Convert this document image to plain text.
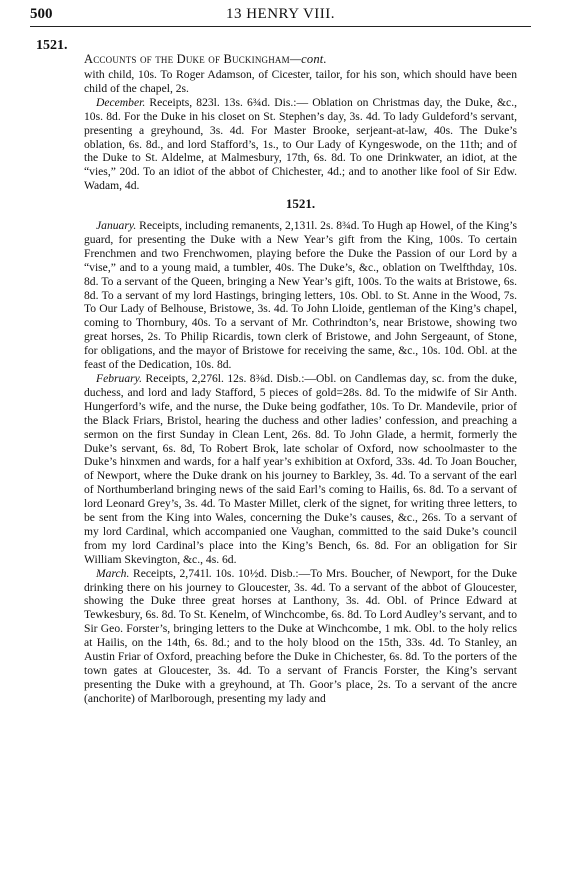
500	13 HENRY VIII.
1521.
Accounts of the Duke of Buckingham—cont.

with child, 10s. To Roger Adamson, of Cicester, tailor, for his son, which should have been child of the chapel, 2s.

December. Receipts, 823l. 13s. 6¾d. Dis.:— Oblation on Christmas day, the Duke, &c., 10s. 8d. For the Duke in his closet on St. Stephen’s day, 3s. 4d. To lady Guldeford’s servant, presenting a greyhound, 3s. 4d. For Master Brooke, serjeant-at-law, 40s. The Duke’s oblation, 6s. 8d., and lord Stafford’s, 1s., to Our Lady of Kyngeswode, on the 11th; and of the Duke to St. Aldelme, at Malmesbury, 17th, 6s. 8d. To one Drinkwater, an idiot, at the “vies,” 20d. To an idiot of the abbot of Chichester, 4d.; and to another like fool of Sir Edw. Wadam, 4d.

1521.

January. Receipts, including remanents, 2,131l. 2s. 8¾d. To Hugh ap Howel, of the King’s guard, for presenting the Duke with a New Year’s gift from the King, 100s. To certain Frenchmen and two Frenchwomen, playing before the Duke the Passion of our Lord by a “vise,” and to a young maid, a tumbler, 40s. The Duke’s, &c., oblation on Twelfthday, 10s. 8d. To a servant of the Queen, bringing a New Year’s gift, 100s. To the waits at Bristowe, 6s. 8d. To a servant of my lord Hastings, bringing letters, 10s. Obl. to St. Anne in the Wood, 7s. To Our Lady of Belhouse, Bristowe, 3s. 4d. To John Lloide, gentleman of the King’s chapel, coming to Thornbury, 40s. To a servant of Mr. Cothrindton’s, near Bristowe, showing two great horses, 2s. To Philip Ricardis, town clerk of Bristowe, and John Sergeaunt, of Stone, for obligations, and the mayor of Bristowe for receiving the same, &c., 10s. 10d. Obl. at the feast of the Dedication, 10s. 8d.

February. Receipts, 2,276l. 12s. 8⅜d. Disb.:—Obl. on Candlemas day, sc. from the duke, duchess, and lord and lady Stafford, 5 pieces of gold=28s. 8d. To the midwife of Sir Anth. Hungerford’s wife, and the nurse, the Duke being godfather, 10s. To Dr. Mandevile, prior of the Black Friars, Bristol, hearing the duchess and other ladies’ confession, and preaching a sermon on the first Sunday in Clean Lent, 26s. 8d. To John Glade, a hermit, formerly the Duke’s servant, 6s. 8d, To Robert Brok, late scholar of Oxford, now schoolmaster to the Duke’s hinxmen and wards, for a half year’s exhibition at Oxford, 33s. 4d. To Joan Boucher, of Newport, where the Duke drank on his journey to Barkley, 3s. 4d. To a servant of the earl of Northumberland bringing news of the said Earl’s coming to Hailis, 6s. 8d. To a servant of lord Leonard Grey’s, 3s. 4d. To Master Millet, clerk of the signet, for writing three letters, to be sent from the King into Wales, concerning the Duke’s causes, &c., 26s. To a servant of my lord Cardinal, which accompanied one Vaughan, committed to the said Duke’s council from my lord Cardinal’s place into the King’s Bench, 6s. 8d. For an obligation for Sir William Skevington, &c., 4s. 6d.

March. Receipts, 2,741l. 10s. 10½d. Disb.:—To Mrs. Boucher, of Newport, for the Duke drinking there on his journey to Gloucester, 3s. 4d. To a servant of the abbot of Gloucester, showing the Duke three great horses at Lanthony, 3s. 4d. Obl. of Prince Edward at Tewkesbury, 6s. 8d. To St. Kenelm, of Winchcombe, 6s. 8d. To Lord Audley’s servant, and to Sir Geo. Forster’s, bringing letters to the Duke at Winchcombe, 1 mk. Obl. to the holy relics at Hailis, on the 14th, 6s. 8d.; and to the holy blood on the 15th, 33s. 4d. To Stanley, an Austin Friar of Oxford, preaching before the Duke in Chichester, 6s. 8d. To the porters of the town gates at Gloucester, 3s. 4d. To a servant of Francis Forster, the King’s servant presenting the Duke with a greyhound, at Th. Goor’s place, 2s. To a servant of the ancre (anchorite) of Marlborough, presenting my lady and
